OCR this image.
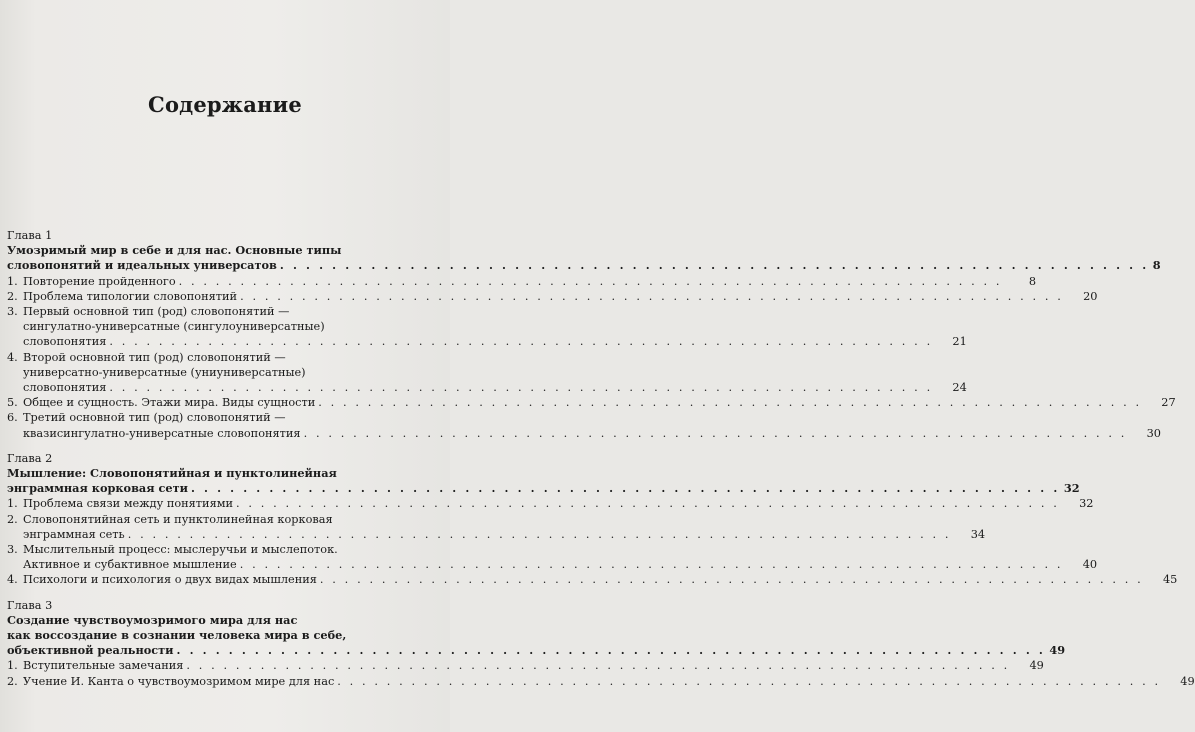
Содержание
Глава 1
Умозримый мир в себе и для нас. Основные типы
словопонятий и идеальных универсатов . . . . . . . . . . . . . . . . . . . . . . . . . . . . . . . . . . . . . . . . . . . . . . . . . . . . . . . . . . . . . . . . . . . 8
1. Повторение пройденного . . . . . . . . . . . . . . . . . . . . . . . . . . . . . . . . . . . . . . . . . . . . . . . . . . . . . . . . . . . . . . . . . . .	8
2. Проблема типологии словопонятий . . . . . . . . . . . . . . . . . . . . . . . . . . . . . . . . . . . . . . . . . . . . . . . . . . . . . . . . . . . . . . . . . . .	20
3. Первый основной тип (род) словопонятий —
сингулатно-универсатные (сингулоуниверсатные)
словопонятия . . . . . . . . . . . . . . . . . . . . . . . . . . . . . . . . . . . . . . . . . . . . . . . . . . . . . . . . . . . . . . . . . . .	21
4. Второй основной тип (род) словопонятий —
универсатно-универсатные (униуниверсатные)
словопонятия . . . . . . . . . . . . . . . . . . . . . . . . . . . . . . . . . . . . . . . . . . . . . . . . . . . . . . . . . . . . . . . . . . .	24
5. Общее и сущность. Этажи мира. Виды сущности . . . . . . . . . . . . . . . . . . . . . . . . . . . . . . . . . . . . . . . . . . . . . . . . . . . . . . . . . . . . . . . . . . .	27
6. Третий основной тип (род) словопонятий —
квазисингулатно-универсатные словопонятия . . . . . . . . . . . . . . . . . . . . . . . . . . . . . . . . . . . . . . . . . . . . . . . . . . . . . . . . . . . . . . . . . . .	30
Глава 2
Мышление: Словопонятийная и пунктолинейная
энграммная корковая сети . . . . . . . . . . . . . . . . . . . . . . . . . . . . . . . . . . . . . . . . . . . . . . . . . . . . . . . . . . . . . . . . . . . 32
1. Проблема связи между понятиями . . . . . . . . . . . . . . . . . . . . . . . . . . . . . . . . . . . . . . . . . . . . . . . . . . . . . . . . . . . . . . . . . . .	32
2. Словопонятийная сеть и пунктолинейная корковая
энграммная сеть . . . . . . . . . . . . . . . . . . . . . . . . . . . . . . . . . . . . . . . . . . . . . . . . . . . . . . . . . . . . . . . . . . .	34
3. Мыслительный процесс: мыслеручьи и мыслепоток.
Активное и субактивное мышление . . . . . . . . . . . . . . . . . . . . . . . . . . . . . . . . . . . . . . . . . . . . . . . . . . . . . . . . . . . . . . . . . . .	40
4. Психологи и психология о двух видах мышления . . . . . . . . . . . . . . . . . . . . . . . . . . . . . . . . . . . . . . . . . . . . . . . . . . . . . . . . . . . . . . . . . . .	45
Глава 3
Создание чувствоумозримого мира для нас
как воссоздание в сознании человека мира в себе,
объективной реальности . . . . . . . . . . . . . . . . . . . . . . . . . . . . . . . . . . . . . . . . . . . . . . . . . . . . . . . . . . . . . . . . . . . 49
1. Вступительные замечания . . . . . . . . . . . . . . . . . . . . . . . . . . . . . . . . . . . . . . . . . . . . . . . . . . . . . . . . . . . . . . . . . . .	49
2. Учение И. Канта о чувствоумозримом мире для нас . . . . . . . . . . . . . . . . . . . . . . . . . . . . . . . . . . . . . . . . . . . . . . . . . . . . . . . . . . . . . . . . . . .	49
